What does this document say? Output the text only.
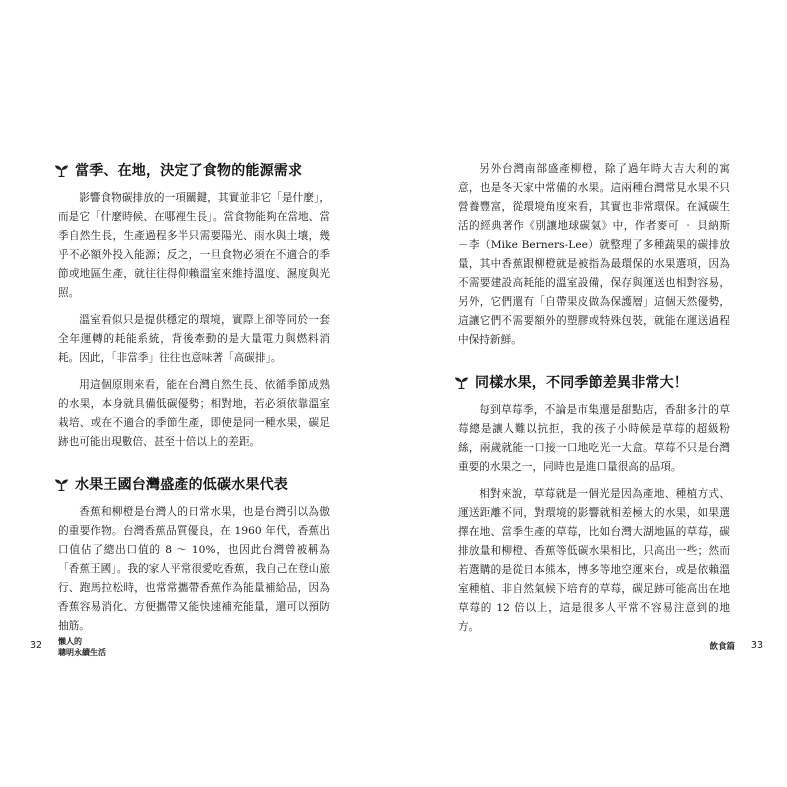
當季、在地，決定了食物的能源需求

影響食物碳排放的一項關鍵，其實並非它「是什麼」，而是它「什麼時候、在哪裡生長」。當食物能夠在當地、當季自然生長，生產過程多半只需要陽光、雨水與土壤，幾乎不必額外投入能源；反之，一旦食物必須在不適合的季節或地區生產，就往往得仰賴溫室來維持溫度、濕度與光照。

溫室看似只是提供穩定的環境，實際上卻等同於一套全年運轉的耗能系統，背後牽動的是大量電力與燃料消耗。因此，「非當季」往往也意味著「高碳排」。

用這個原則來看，能在台灣自然生長、依循季節成熟的水果，本身就具備低碳優勢；相對地，若必須依靠溫室栽培、或在不適合的季節生產，即使是同一種水果，碳足跡也可能出現數倍、甚至十倍以上的差距。

水果王國台灣盛產的低碳水果代表

香蕉和柳橙是台灣人的日常水果，也是台灣引以為傲的重要作物。台灣香蕉品質優良，在 1960 年代，香蕉出口值佔了總出口值的 8 ～ 10%，也因此台灣曾被稱為「香蕉王國」。我的家人平常很愛吃香蕉，我自己在登山旅行、跑馬拉松時，也常常攜帶香蕉作為能量補給品，因為香蕉容易消化、方便攜帶又能快速補充能量，還可以預防抽筋。

32 懶人的
聰明永續生活

另外台灣南部盛產柳橙，除了過年時大吉大利的寓意，也是冬天家中常備的水果。這兩種台灣常見水果不只營養豐富，從環境角度來看，其實也非常環保。在減碳生活的經典著作《別讓地球碳氣》中，作者麥可 ‧ 貝納斯－李（Mike Berners-Lee）就整理了多種蔬果的碳排放量，其中香蕉跟柳橙就是被指為最環保的水果選項，因為不需要建設高耗能的溫室設備，保存與運送也相對容易，另外，它們還有「自帶果皮做為保護層」這個天然優勢，這讓它們不需要額外的塑膠或特殊包裝，就能在運送過程中保持新鮮。

同樣水果，不同季節差異非常大！

每到草莓季，不論是市集還是甜點店，香甜多汁的草莓總是讓人難以抗拒，我的孩子小時候是草莓的超級粉絲，兩歲就能一口接一口地吃光一大盒。草莓不只是台灣重要的水果之一，同時也是進口量很高的品項。

相對來說，草莓就是一個光是因為產地、種植方式、運送距離不同，對環境的影響就相差極大的水果，如果選擇在地、當季生產的草莓，比如台灣大湖地區的草莓，碳排放量和柳橙、香蕉等低碳水果相比，只高出一些；然而若選購的是從日本熊本，博多等地空運來台，或是依賴溫室種植、非自然氣候下培育的草莓，碳足跡可能高出在地草莓的 12 倍以上，這是很多人平常不容易注意到的地方。

飲食篇 33
